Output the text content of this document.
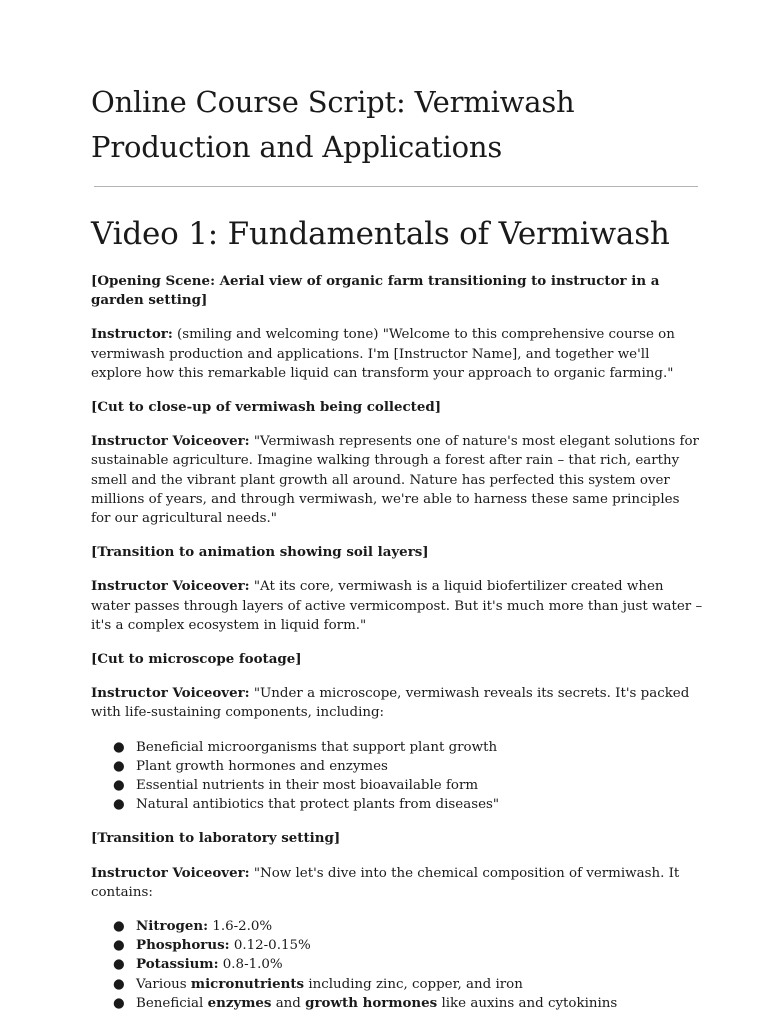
Online Course Script: Vermiwash Production and Applications
Video 1: Fundamentals of Vermiwash

[Opening Scene: Aerial view of organic farm transitioning to instructor in a garden setting]

Instructor: (smiling and welcoming tone) "Welcome to this comprehensive course on vermiwash production and applications. I'm [Instructor Name], and together we'll explore how this remarkable liquid can transform your approach to organic farming."

[Cut to close-up of vermiwash being collected]

Instructor Voiceover: "Vermiwash represents one of nature's most elegant solutions for sustainable agriculture. Imagine walking through a forest after rain – that rich, earthy smell and the vibrant plant growth all around. Nature has perfected this system over millions of years, and through vermiwash, we're able to harness these same principles for our agricultural needs."

[Transition to animation showing soil layers]

Instructor Voiceover: "At its core, vermiwash is a liquid biofertilizer created when water passes through layers of active vermicompost. But it's much more than just water – it's a complex ecosystem in liquid form."

[Cut to microscope footage]

Instructor Voiceover: "Under a microscope, vermiwash reveals its secrets. It's packed with life-sustaining components, including:

● Beneficial microorganisms that support plant growth
● Plant growth hormones and enzymes
● Essential nutrients in their most bioavailable form
● Natural antibiotics that protect plants from diseases"

[Transition to laboratory setting]

Instructor Voiceover: "Now let's dive into the chemical composition of vermiwash. It contains:

● Nitrogen: 1.6-2.0%
● Phosphorus: 0.12-0.15%
● Potassium: 0.8-1.0%
● Various micronutrients including zinc, copper, and iron
● Beneficial enzymes and growth hormones like auxins and cytokinins
